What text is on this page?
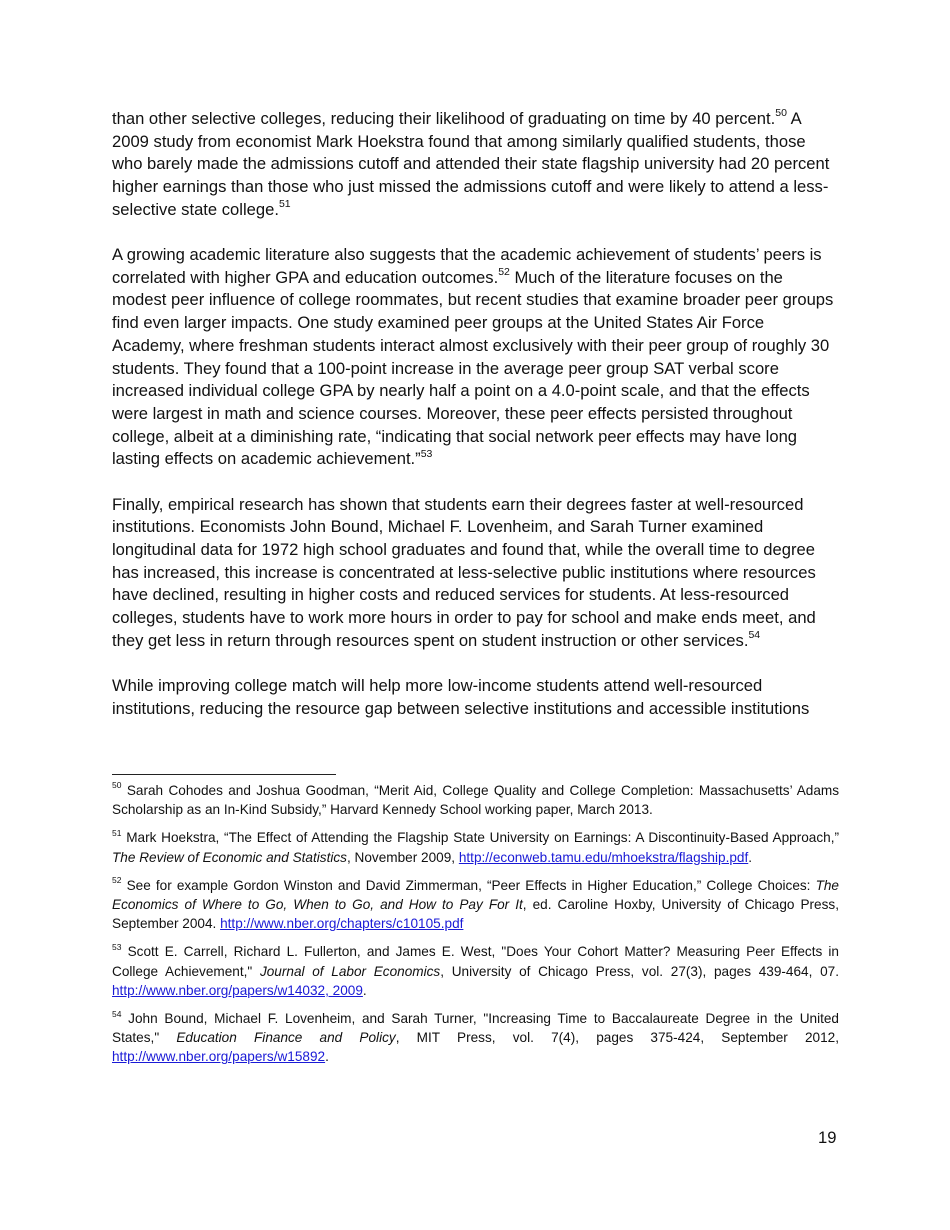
than other selective colleges, reducing their likelihood of graduating on time by 40 percent.$^{50}$ A 2009 study from economist Mark Hoekstra found that among similarly qualified students, those who barely made the admissions cutoff and attended their state flagship university had 20 percent higher earnings than those who just missed the admissions cutoff and were likely to attend a less-selective state college.$^{51}$

A growing academic literature also suggests that the academic achievement of students’ peers is correlated with higher GPA and education outcomes.$^{52}$ Much of the literature focuses on the modest peer influence of college roommates, but recent studies that examine broader peer groups find even larger impacts. One study examined peer groups at the United States Air Force Academy, where freshman students interact almost exclusively with their peer group of roughly 30 students. They found that a 100-point increase in the average peer group SAT verbal score increased individual college GPA by nearly half a point on a 4.0-point scale, and that the effects were largest in math and science courses. Moreover, these peer effects persisted throughout college, albeit at a diminishing rate, “indicating that social network peer effects may have long lasting effects on academic achievement.”$^{53}$

Finally, empirical research has shown that students earn their degrees faster at well-resourced institutions. Economists John Bound, Michael F. Lovenheim, and Sarah Turner examined longitudinal data for 1972 high school graduates and found that, while the overall time to degree has increased, this increase is concentrated at less-selective public institutions where resources have declined, resulting in higher costs and reduced services for students. At less-resourced colleges, students have to work more hours in order to pay for school and make ends meet, and they get less in return through resources spent on student instruction or other services.$^{54}$

While improving college match will help more low-income students attend well-resourced institutions, reducing the resource gap between selective institutions and accessible institutions

$^{50}$ Sarah Cohodes and Joshua Goodman, “Merit Aid, College Quality and College Completion: Massachusetts’ Adams Scholarship as an In-Kind Subsidy,” Harvard Kennedy School working paper, March 2013.

$^{51}$ Mark Hoekstra, “The Effect of Attending the Flagship State University on Earnings: A Discontinuity-Based Approach,” The Review of Economic and Statistics, November 2009, http://econweb.tamu.edu/mhoekstra/flagship.pdf.

$^{52}$ See for example Gordon Winston and David Zimmerman, “Peer Effects in Higher Education,” College Choices: The Economics of Where to Go, When to Go, and How to Pay For It, ed. Caroline Hoxby, University of Chicago Press, September 2004. http://www.nber.org/chapters/c10105.pdf

$^{53}$ Scott E. Carrell, Richard L. Fullerton, and James E. West, "Does Your Cohort Matter? Measuring Peer Effects in College Achievement," Journal of Labor Economics, University of Chicago Press, vol. 27(3), pages 439-464, 07. http://www.nber.org/papers/w14032, 2009.

$^{54}$ John Bound, Michael F. Lovenheim, and Sarah Turner, "Increasing Time to Baccalaureate Degree in the United States," Education Finance and Policy, MIT Press, vol. 7(4), pages 375-424, September 2012, http://www.nber.org/papers/w15892.

19
